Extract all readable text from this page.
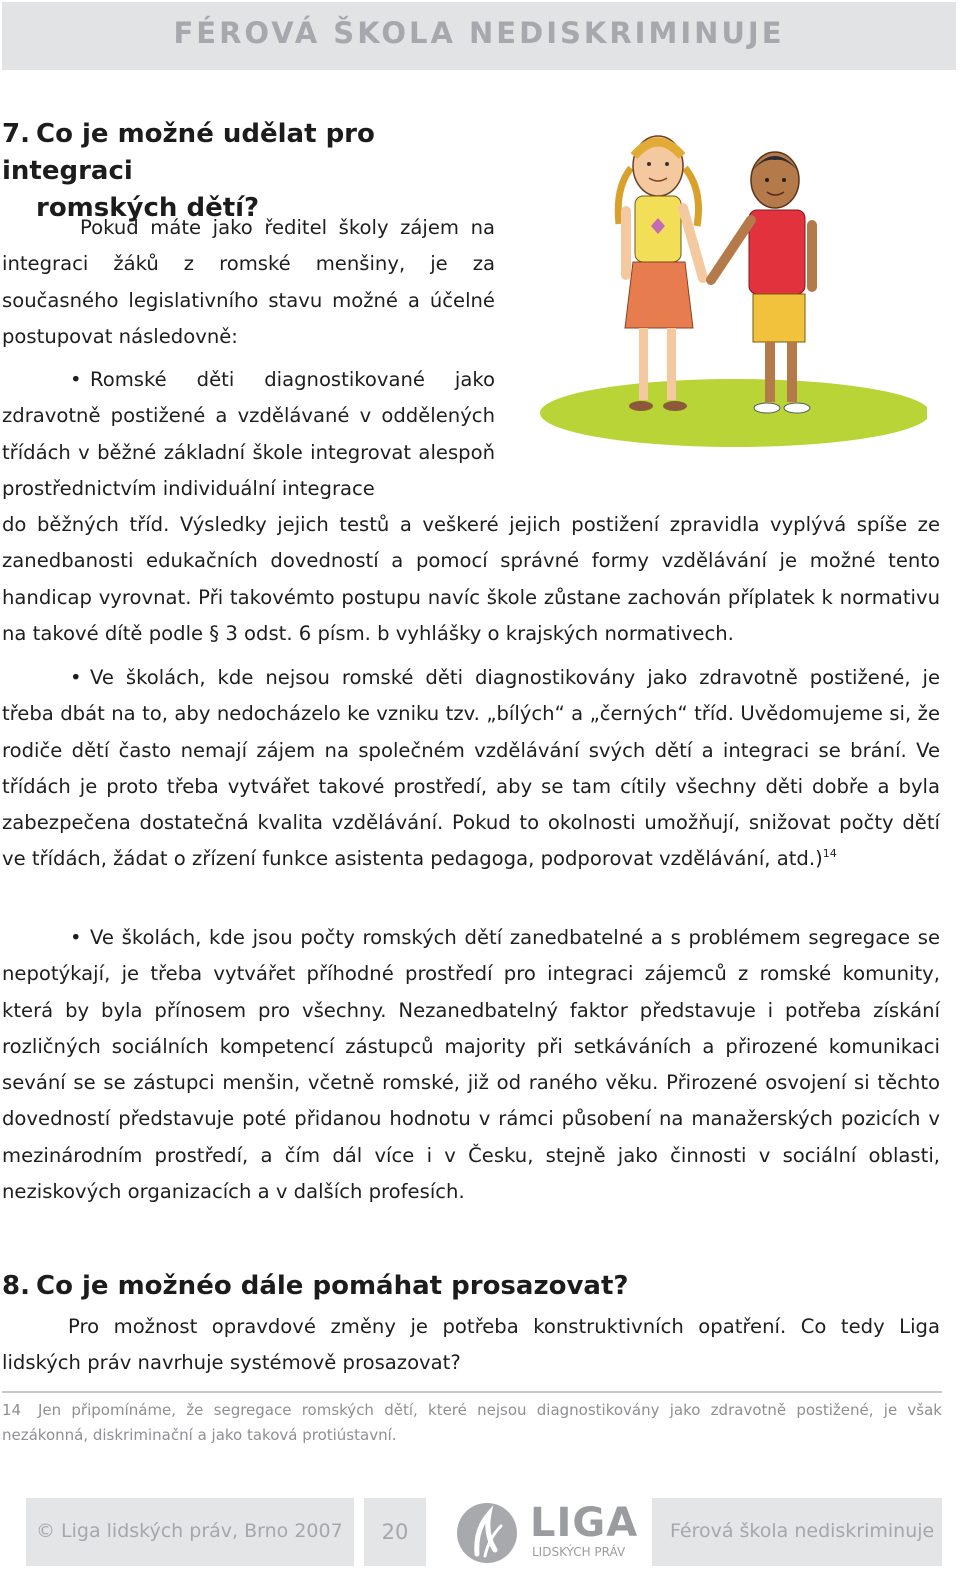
FÉROVÁ ŠKOLA NEDISKRIMINUJE
7. Co je možné udělat pro integraci
romských dětí?
Pokud máte jako ředitel školy zájem na integraci žáků z romské menšiny, je za současného legislativního stavu možné a účelné postupovat následovně:
• Romské děti diagnostikované jako zdravotně postižené a vzdělávané v oddělených třídách v běžné základní škole integrovat alespoň prostřednictvím individuální integrace
do běžných tříd. Výsledky jejich testů a veškeré jejich postižení zpravidla vyplývá spíše ze zanedbanosti edukačních dovedností a pomocí správné formy vzdělávání je možné tento handicap vyrovnat. Při takovémto postupu navíc škole zůstane zachován příplatek k normativu na takové dítě podle § 3 odst. 6 písm. b vyhlášky o krajských normativech.
• Ve školách, kde nejsou romské děti diagnostikovány jako zdravotně postižené, je třeba dbát na to, aby nedocházelo ke vzniku tzv. „bílých“ a „černých“ tříd. Uvědomujeme si, že rodiče dětí často nemají zájem na společném vzdělávání svých dětí a integraci se brání. Ve třídách je proto třeba vytvářet takové prostředí, aby se tam cítily všechny děti dobře a byla zabezpečena dostatečná kvalita vzdělávání. Pokud to okolnosti umožňují, snižovat počty dětí ve třídách, žádat o zřízení funkce asistenta pedagoga, podporovat vzdělávání, atd.)$^{14}$
• Ve školách, kde jsou počty romských dětí zanedbatelné a s problémem segregace se nepotýkají, je třeba vytvářet příhodné prostředí pro integraci zájemců z romské komunity, která by byla přínosem pro všechny. Nezanedbatelný faktor představuje i potřeba získání rozličných sociálních kompetencí zástupců majority při setkáváních a přirozené komunikaci sevání se se zástupci menšin, včetně romské, již od raného věku. Přirozené osvojení si těchto dovedností představuje poté přidanou hodnotu v rámci působení na manažerských pozicích v mezinárodním prostředí, a čím dál více i v Česku, stejně jako činnosti v sociální oblasti, neziskových organizacích a v dalších profesích.
8. Co je možnéo dále pomáhat prosazovat?
Pro možnost opravdové změny je potřeba konstruktivních opatření. Co tedy Liga lidských práv navrhuje systémově prosazovat?
14 Jen připomínáme, že segregace romských dětí, které nejsou diagnostikovány jako zdravotně postižené, je však nezákonná, diskriminační a jako taková protiústavní.
© Liga lidských práv, Brno 2007	20	LIGA
LIDSKÝCH PRÁV
Férová škola nediskriminuje
